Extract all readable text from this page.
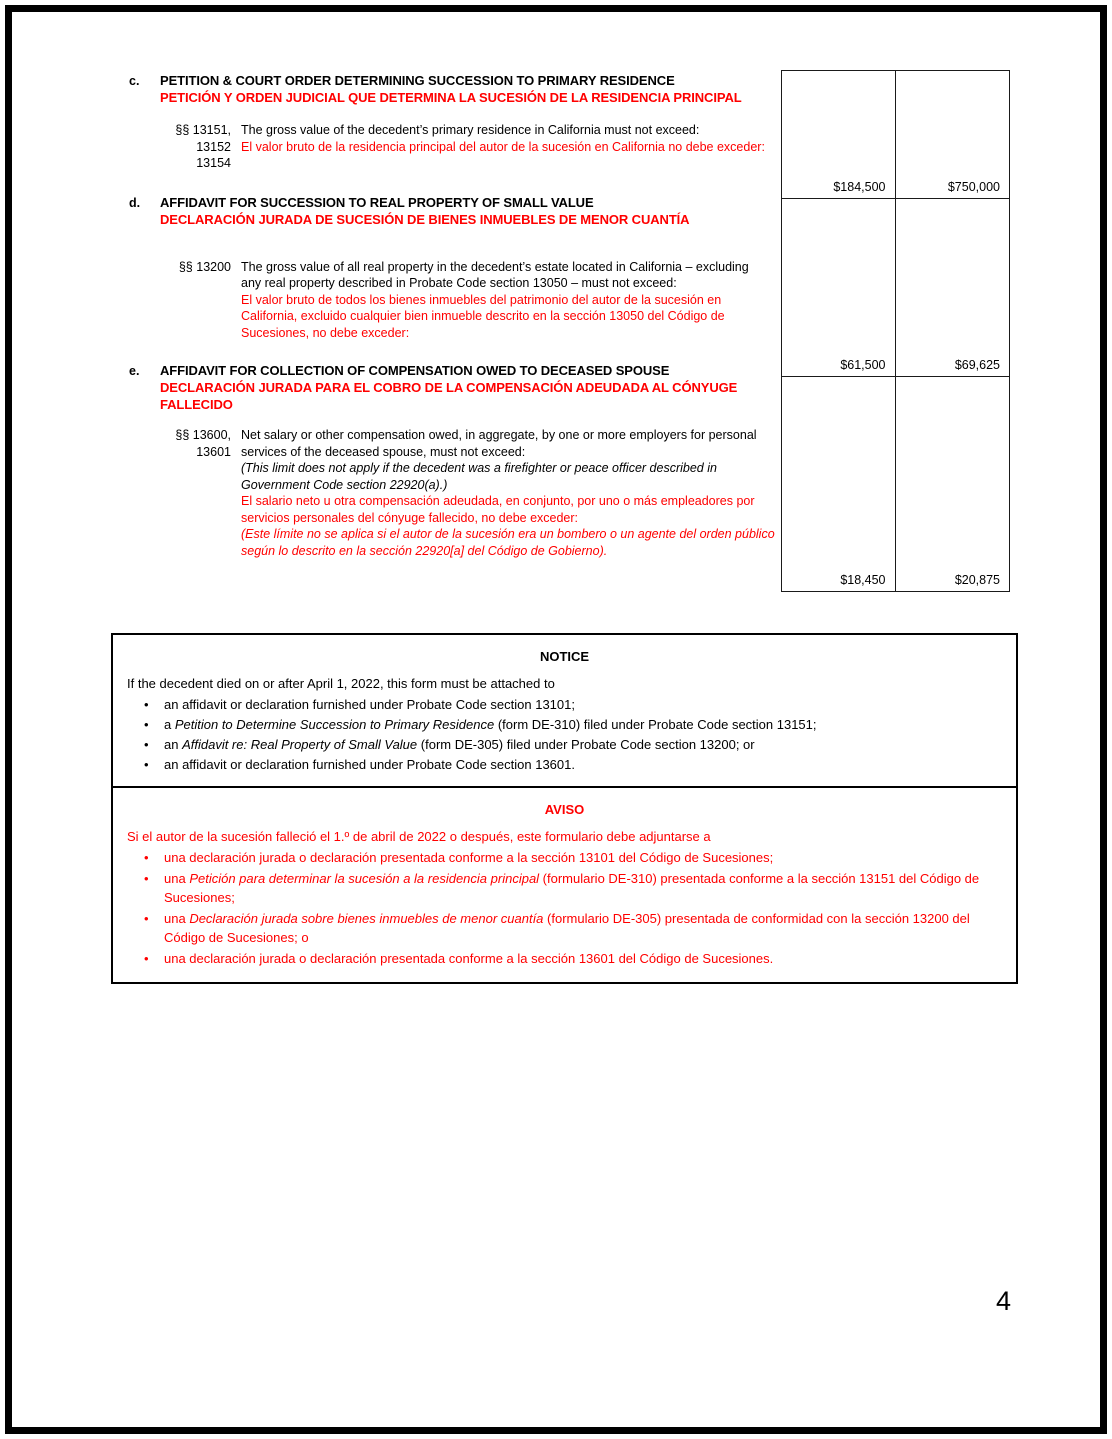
c.	PETITION & COURT ORDER DETERMINING SUCCESSION TO PRIMARY RESIDENCE
PETICIÓN Y ORDEN JUDICIAL QUE DETERMINA LA SUCESIÓN DE LA RESIDENCIA PRINCIPAL
§§ 13151,
13152
13154

The gross value of the decedent’s primary residence in California must not exceed:

El valor bruto de la residencia principal del autor de la sucesión en California no debe exceder:

d.	AFFIDAVIT FOR SUCCESSION TO REAL PROPERTY OF SMALL VALUE
DECLARACIÓN JURADA DE SUCESIÓN DE BIENES INMUEBLES DE MENOR CUANTÍA
§§ 13200 The gross value of all real property in the decedent’s estate located in California – excluding any real property described in Probate Code section 13050 – must not exceed:

El valor bruto de todos los bienes inmuebles del patrimonio del autor de la sucesión en California, excluido cualquier bien inmueble descrito en la sección 13050 del Código de Sucesiones, no debe exceder:

e.	AFFIDAVIT FOR COLLECTION OF COMPENSATION OWED TO DECEASED SPOUSE
DECLARACIÓN JURADA PARA EL COBRO DE LA COMPENSACIÓN ADEUDADA AL CÓNYUGE FALLECIDO
§§ 13600,
13601

Net salary or other compensation owed, in aggregate, by one or more employers for personal services of the deceased spouse, must not exceed:

(This limit does not apply if the decedent was a firefighter or peace officer described in Government Code section 22920(a).)

El salario neto u otra compensación adeudada, en conjunto, por uno o más empleadores por servicios personales del cónyuge fallecido, no debe exceder:

(Este límite no se aplica si el autor de la sucesión era un bombero o un agente del orden público según lo descrito en la sección 22920[a] del Código de Gobierno).

$184,500	$750,000
$61,500	$69,625
$18,450	$20,875
NOTICE

If the decedent died on or after April 1, 2022, this form must be attached to

• an affidavit or declaration furnished under Probate Code section 13101;
• a Petition to Determine Succession to Primary Residence (form DE-310) filed under Probate Code section 13151;
• an Affidavit re: Real Property of Small Value (form DE-305) filed under Probate Code section 13200; or
• an affidavit or declaration furnished under Probate Code section 13601.
AVISO

Si el autor de la sucesión falleció el 1.º de abril de 2022 o después, este formulario debe adjuntarse a

• una declaración jurada o declaración presentada conforme a la sección 13101 del Código de Sucesiones;
• una Petición para determinar la sucesión a la residencia principal (formulario DE-310) presentada conforme a la sección 13151 del Código de Sucesiones;
• una Declaración jurada sobre bienes inmuebles de menor cuantía (formulario DE-305) presentada de conformidad con la sección 13200 del Código de Sucesiones; o
• una declaración jurada o declaración presentada conforme a la sección 13601 del Código de Sucesiones.
4
